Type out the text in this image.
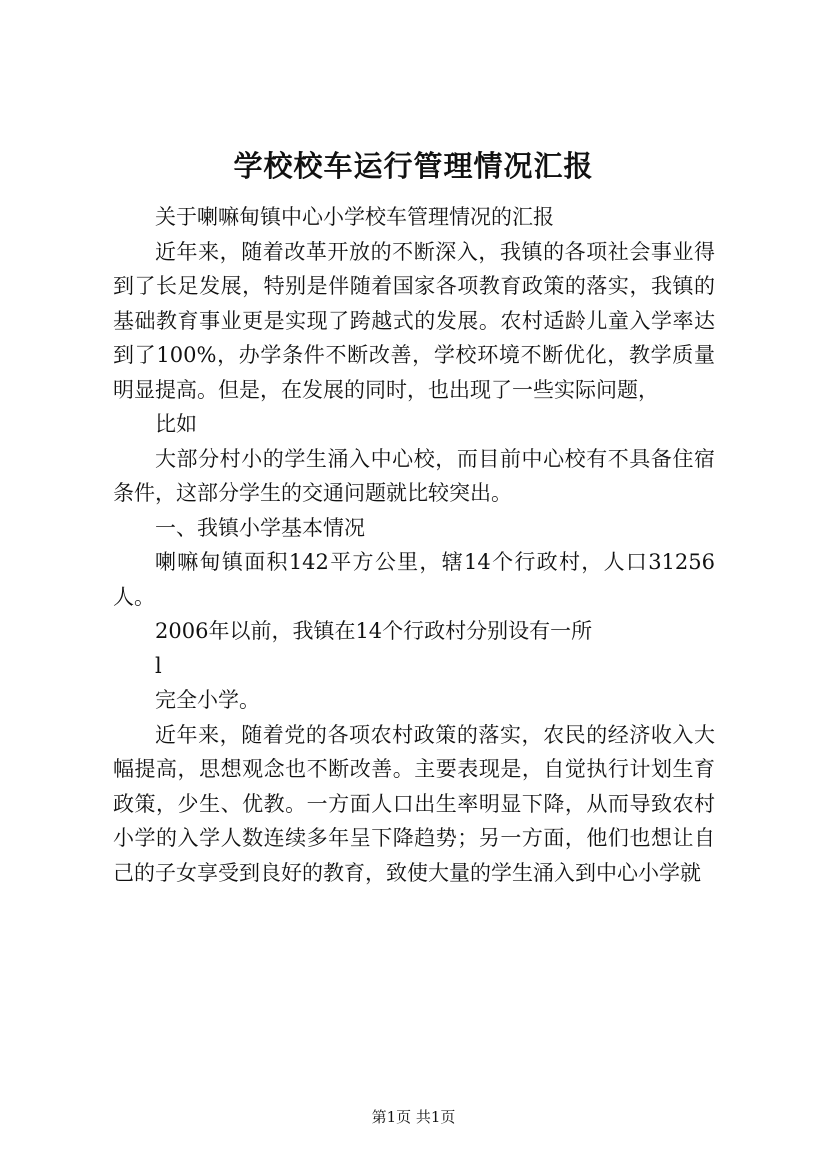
学校校车运行管理情况汇报

关于喇嘛甸镇中心小学校车管理情况的汇报

近年来，随着改革开放的不断深入，我镇的各项社会事业得到了长足发展，特别是伴随着国家各项教育政策的落实，我镇的基础教育事业更是实现了跨越式的发展。农村适龄儿童入学率达到了100%，办学条件不断改善，学校环境不断优化，教学质量明显提高。但是，在发展的同时，也出现了一些实际问题，

比如

大部分村小的学生涌入中心校，而目前中心校有不具备住宿条件，这部分学生的交通问题就比较突出。

一、我镇小学基本情况

喇嘛甸镇面积142平方公里，辖14个行政村，人口31256人。

2006年以前，我镇在14个行政村分别设有一所

l

完全小学。

近年来，随着党的各项农村政策的落实，农民的经济收入大幅提高，思想观念也不断改善。主要表现是，自觉执行计划生育政策，少生、优教。一方面人口出生率明显下降，从而导致农村小学的入学人数连续多年呈下降趋势；另一方面，他们也想让自己的子女享受到良好的教育，致使大量的学生涌入到中心小学就

第1页 共1页
